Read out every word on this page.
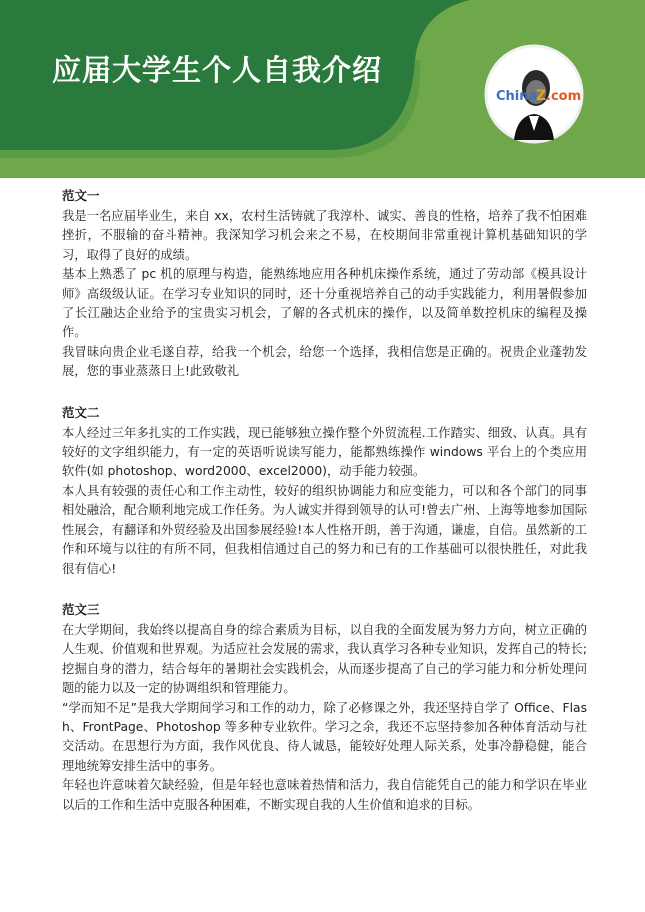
应届大学生个人自我介绍
China
Z .com
范文一

我是一名应届毕业生，来自 xx，农村生活铸就了我淳朴、诚实、善良的性格，培养了我不怕困难挫折，不服输的奋斗精神。我深知学习机会来之不易，在校期间非常重视计算机基础知识的学习，取得了良好的成绩。

基本上熟悉了 pc 机的原理与构造，能熟练地应用各种机床操作系统，通过了劳动部《模具设计师》高级级认证。在学习专业知识的同时，还十分重视培养自己的动手实践能力，利用暑假参加了长江融达企业给予的宝贵实习机会，了解的各式机床的操作，以及简单数控机床的编程及操作。

我冒昧向贵企业毛遂自荐，给我一个机会，给您一个选择，我相信您是正确的。祝贵企业蓬勃发展，您的事业蒸蒸日上!此致敬礼

范文二

本人经过三年多扎实的工作实践，现已能够独立操作整个外贸流程.工作踏实、细致、认真。具有较好的文字组织能力，有一定的英语听说读写能力，能都熟练操作 windows 平台上的个类应用软件(如 photoshop、word2000、excel2000)，动手能力较强。

本人具有较强的责任心和工作主动性，较好的组织协调能力和应变能力，可以和各个部门的同事相处融洽，配合顺利地完成工作任务。为人诚实并得到领导的认可!曾去广州、上海等地参加国际性展会，有翻译和外贸经验及出国参展经验!本人性格开朗，善于沟通，谦虚，自信。虽然新的工作和环境与以往的有所不同，但我相信通过自己的努力和已有的工作基础可以很快胜任，对此我很有信心!

范文三

在大学期间，我始终以提高自身的综合素质为目标，以自我的全面发展为努力方向，树立正确的人生观、价值观和世界观。为适应社会发展的需求，我认真学习各种专业知识，发挥自己的特长;挖掘自身的潜力，结合每年的暑期社会实践机会，从而逐步提高了自己的学习能力和分析处理问题的能力以及一定的协调组织和管理能力。

“学而知不足”是我大学期间学习和工作的动力，除了必修课之外，我还坚持自学了 Office、Flash、FrontPage、Photoshop 等多种专业软件。学习之余，我还不忘坚持参加各种体育活动与社交活动。在思想行为方面，我作风优良、待人诚恳，能较好处理人际关系，处事冷静稳健，能合理地统筹安排生活中的事务。

年轻也许意味着欠缺经验，但是年轻也意味着热情和活力，我自信能凭自己的能力和学识在毕业以后的工作和生活中克服各种困难，不断实现自我的人生价值和追求的目标。
